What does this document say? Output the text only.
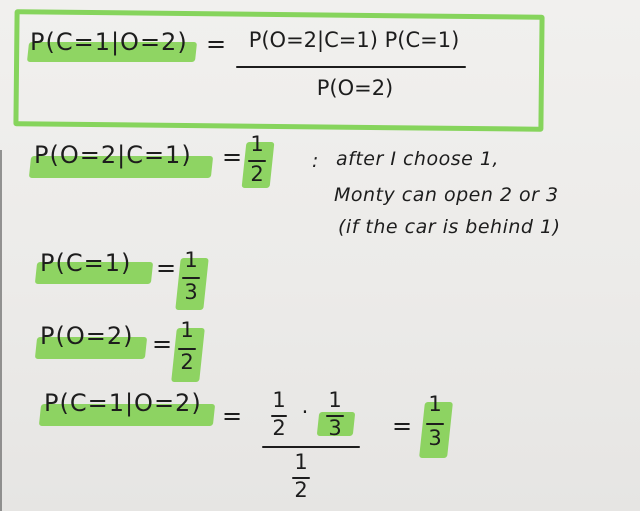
P(C=1|O=2) =	P(O=2|C=1) P(C=1)
P(O=2)
P(O=2|C=1) = 1
2
: after I choose 1,
Monty can open 2 or 3
(if the car is behind 1)
P(C=1) = 1
3
P(O=2) = 1
2
P(C=1|O=2) =
1
2
· 1
3
1
2
=
1
3
